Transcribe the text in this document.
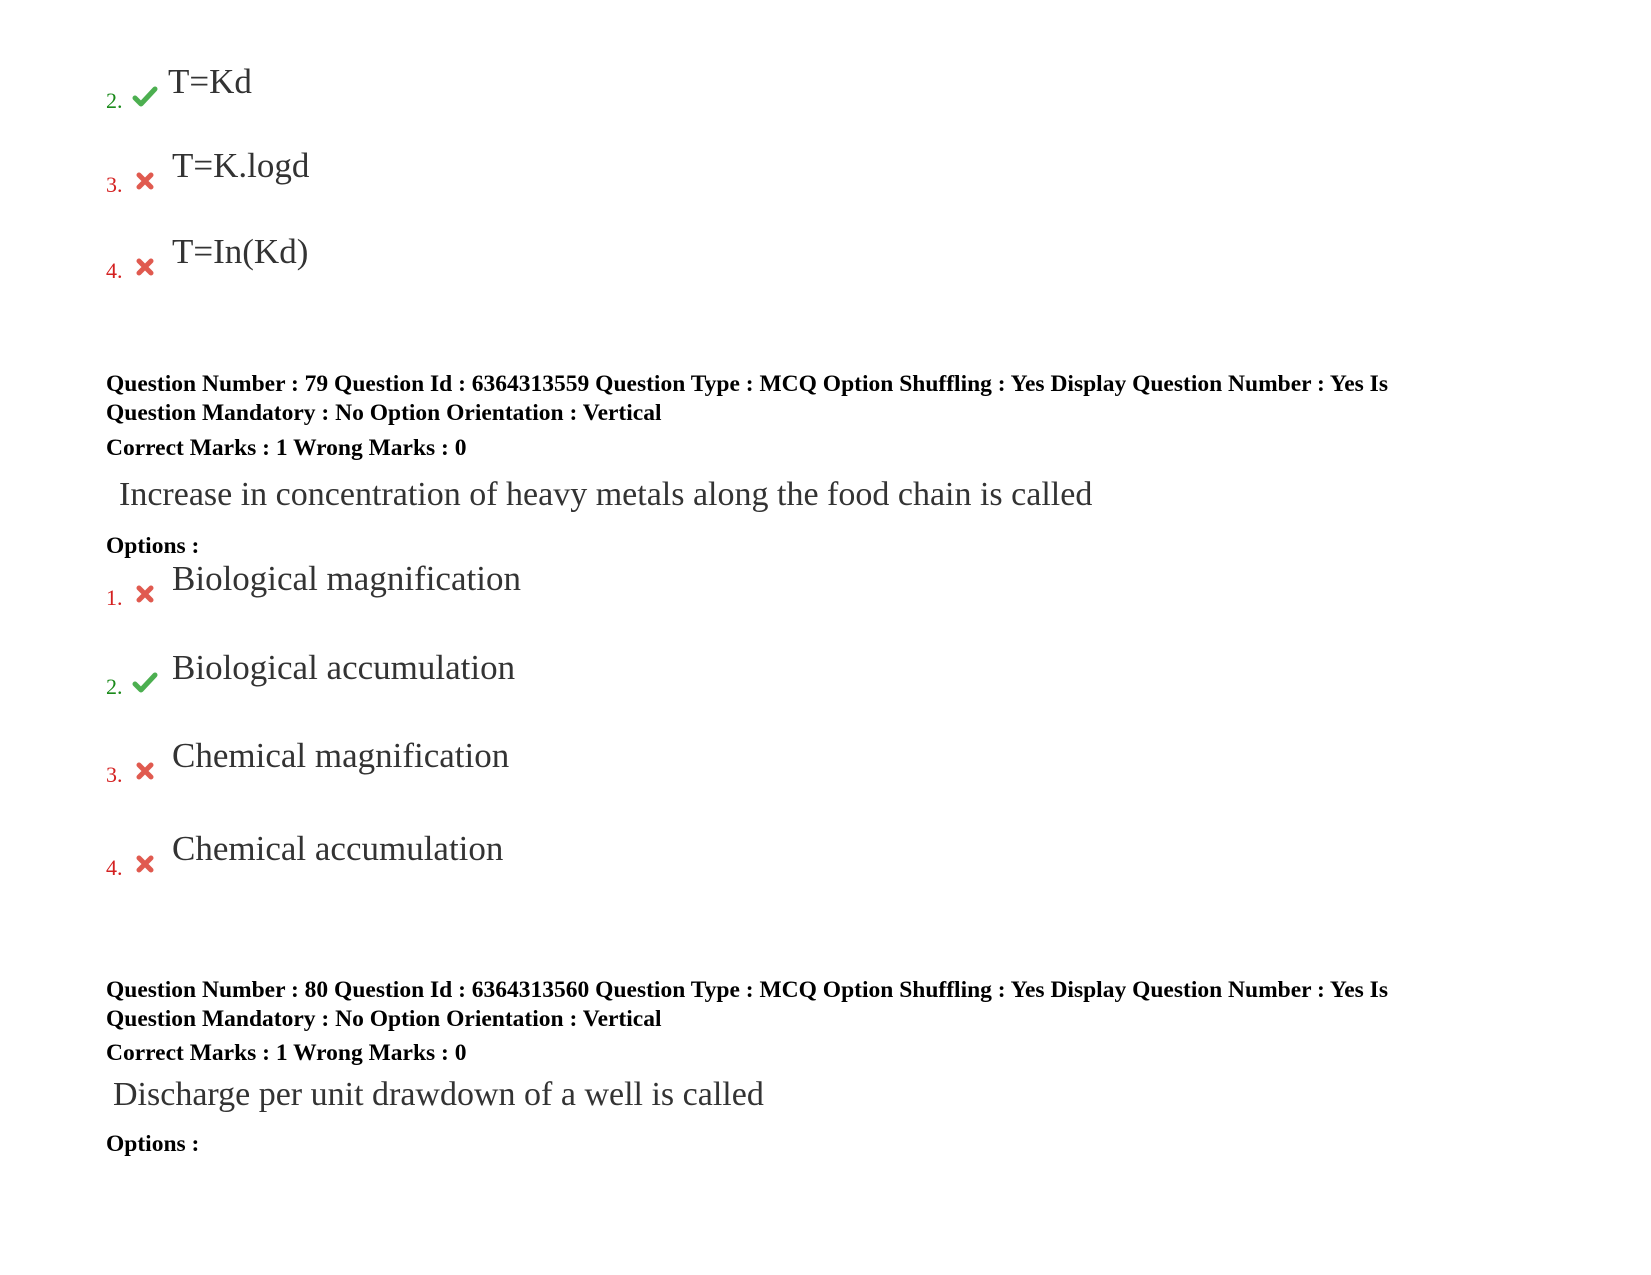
2. T=Kd
3. T=K.logd
4. T=In(Kd)
Question Number : 79 Question Id : 6364313559 Question Type : MCQ Option Shuffling : Yes Display Question Number : Yes Is
Question Mandatory : No Option Orientation : Vertical
Correct Marks : 1 Wrong Marks : 0
Increase in concentration of heavy metals along the food chain is called
Options :
1. Biological magnification
2. Biological accumulation
3. Chemical magnification
4. Chemical accumulation
Question Number : 80 Question Id : 6364313560 Question Type : MCQ Option Shuffling : Yes Display Question Number : Yes Is
Question Mandatory : No Option Orientation : Vertical
Correct Marks : 1 Wrong Marks : 0
Discharge per unit drawdown of a well is called
Options :
